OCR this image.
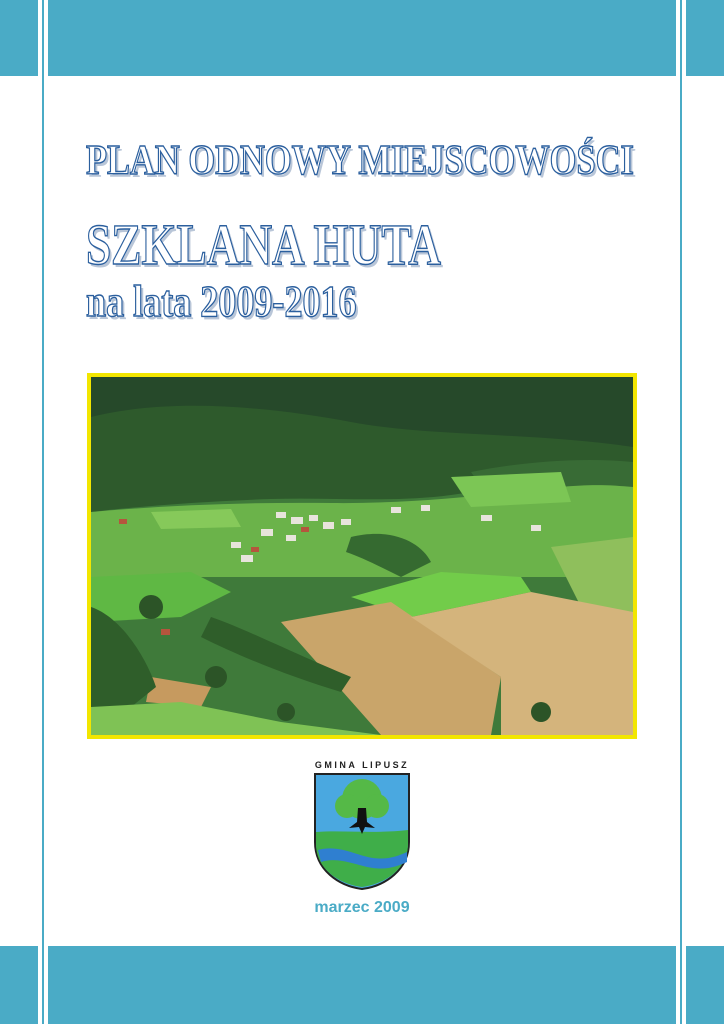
PLAN ODNOWY MIEJSCOWOŚCI
SZKLANA HUTA
na lata 2009-2016
GMINA LIPUSZ
marzec 2009
